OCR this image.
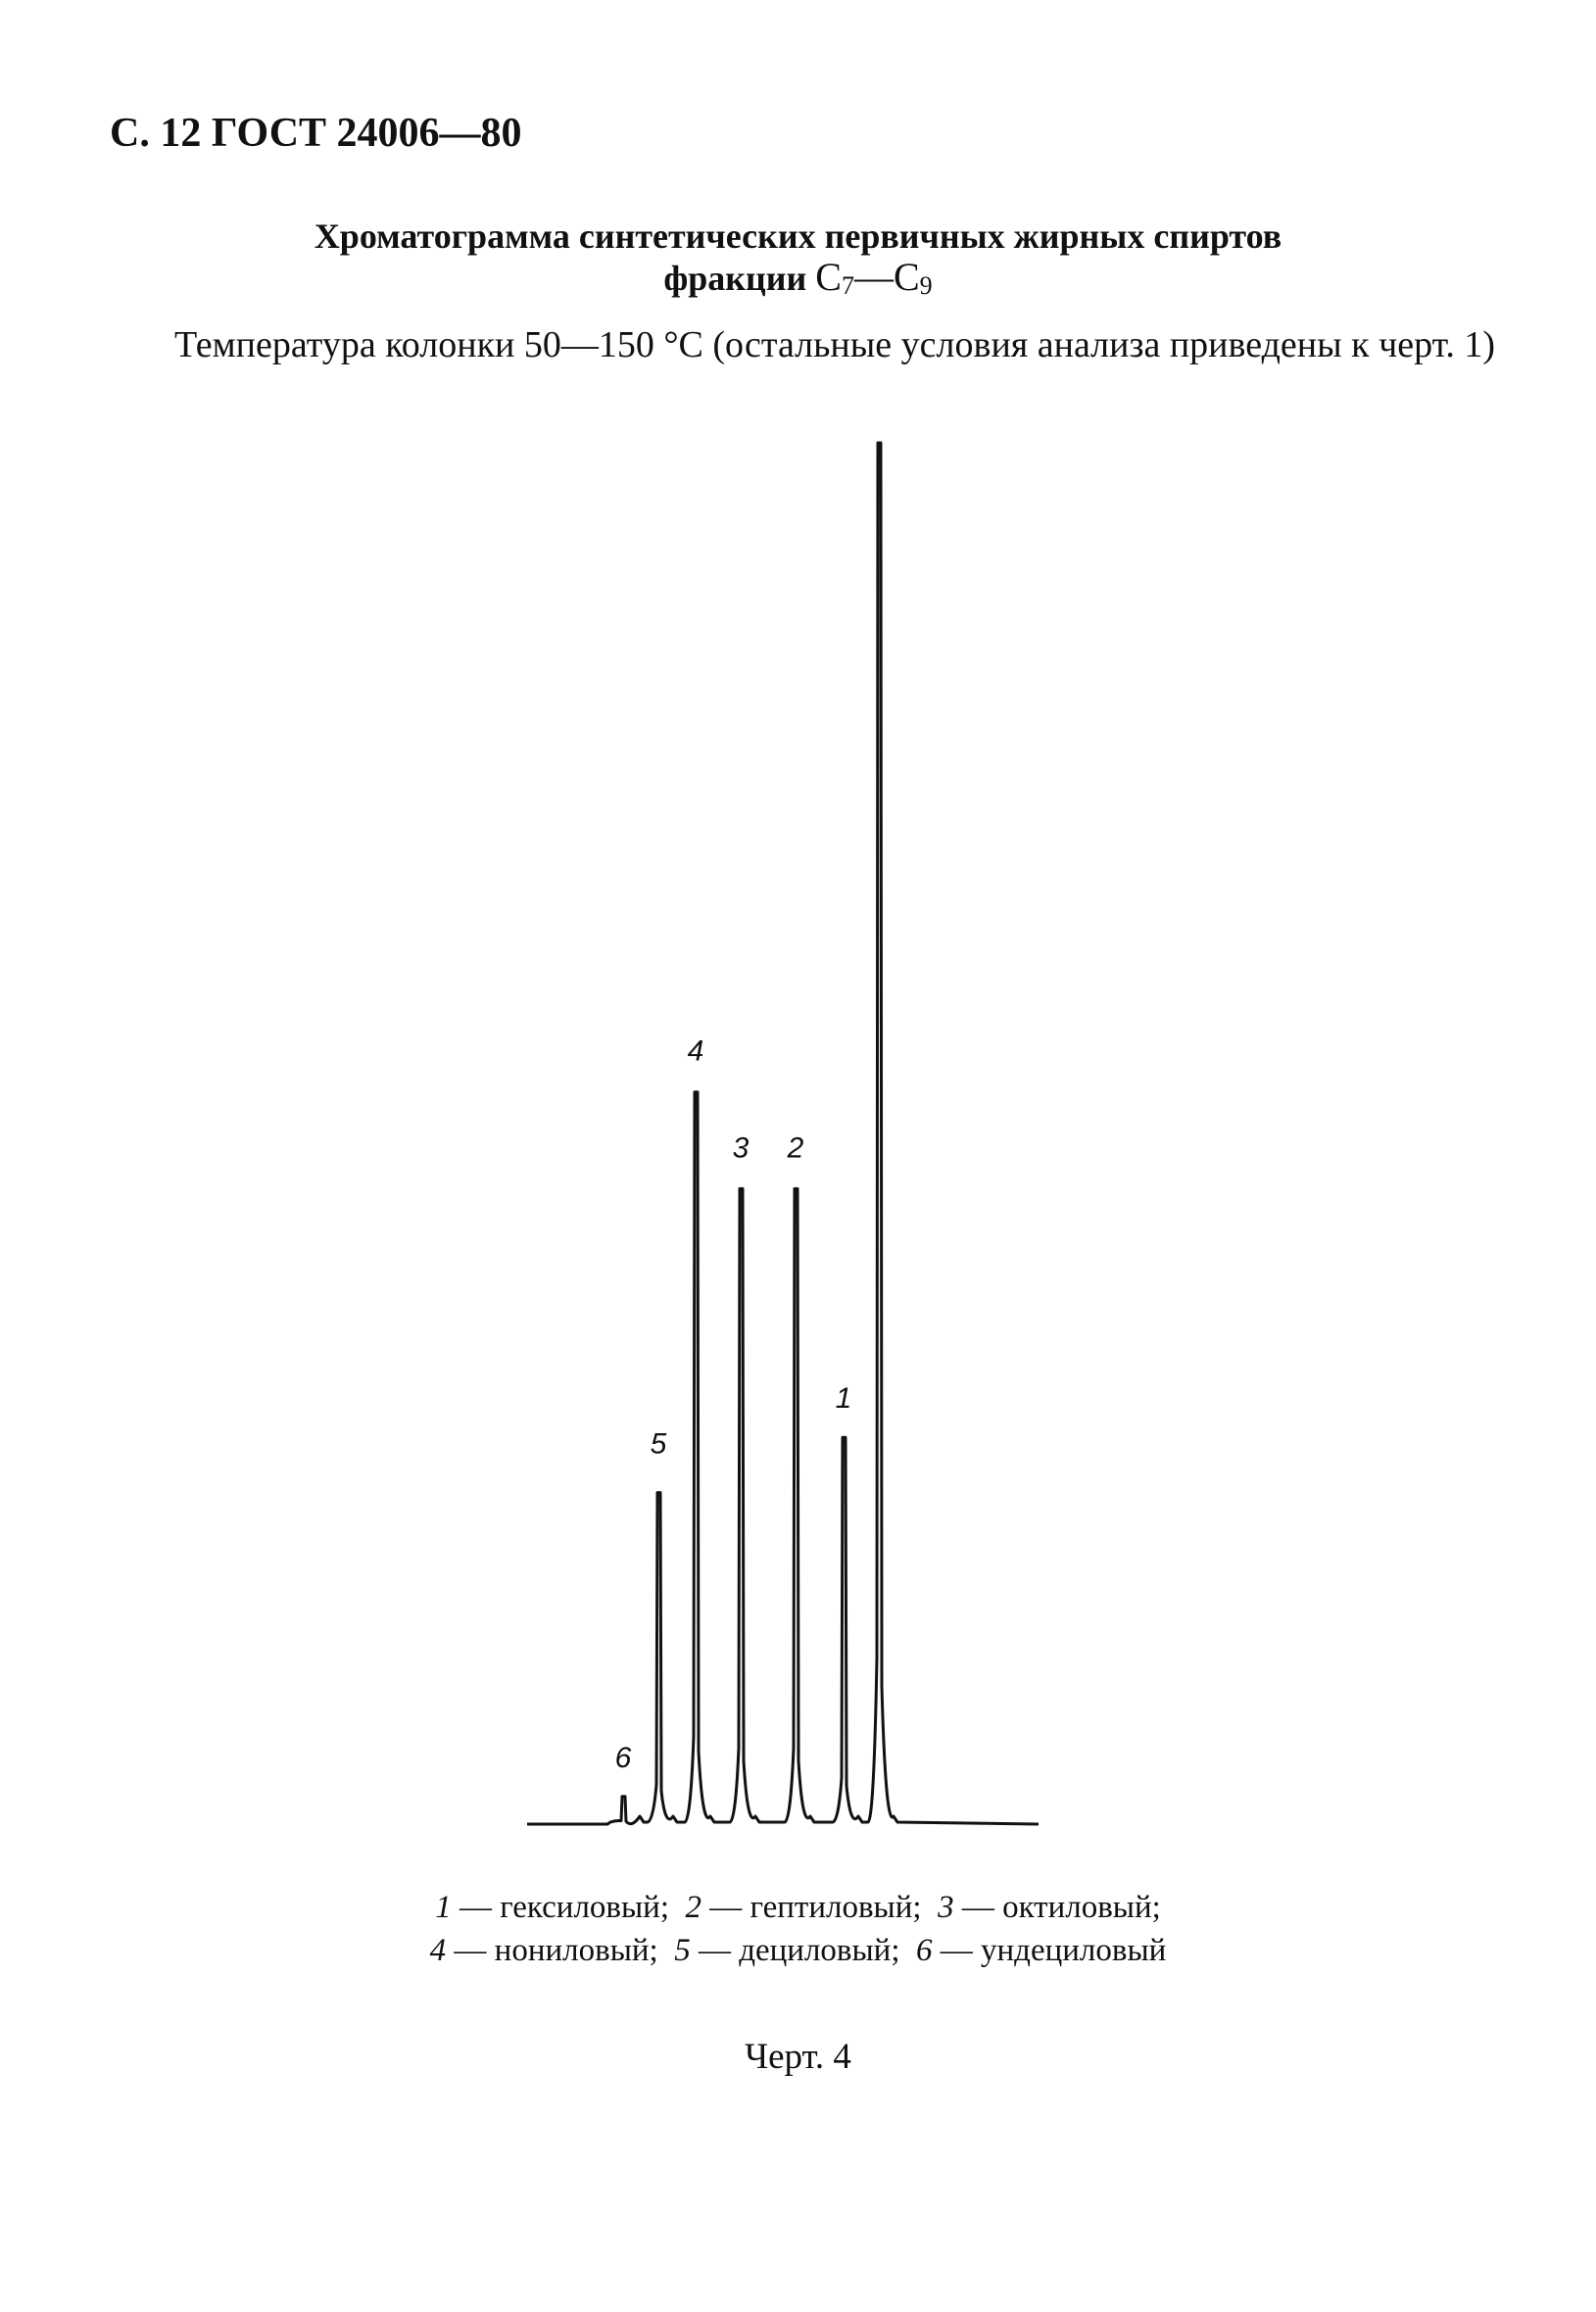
С. 12 ГОСТ 24006—80
Хроматограмма синтетических первичных жирных спиртов
фракции $С_7—С_9$
Температура колонки 50—150 °С (остальные условия анализа приведены к черт. 1)
6
5
4
3 2
1
1 — гексиловый;  2 — гептиловый;  3 — октиловый;
4 — нониловый;  5 — дециловый;  6 — ундециловый
Черт. 4
